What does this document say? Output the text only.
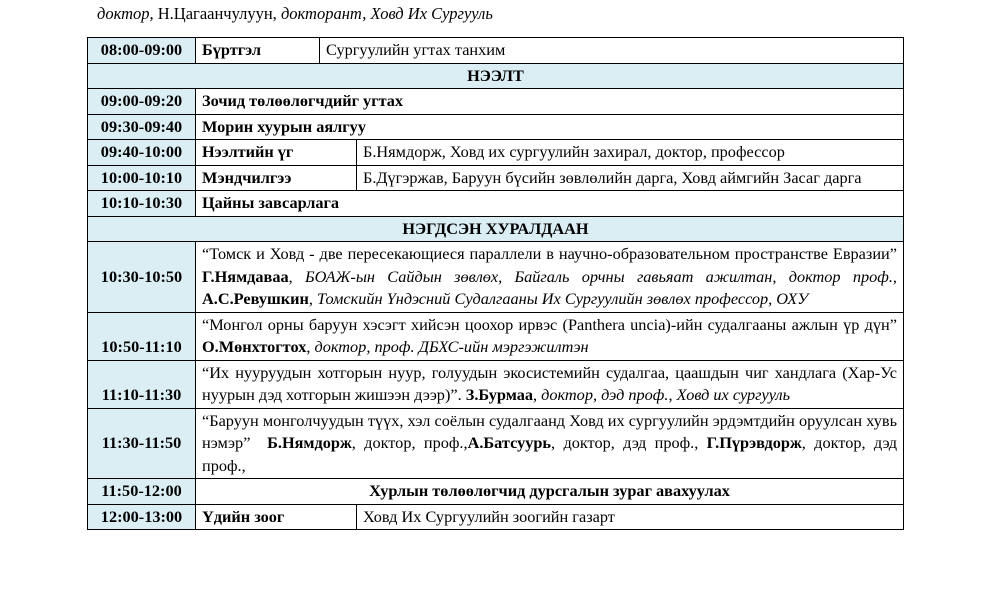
доктор, Н.Цагаанчулуун, докторант, Ховд Их Сургууль
08:00-09:00	Бүртгэл	Сургуулийн угтах танхим	
НЭЭЛТ			
09:00-09:20	Зочид төлөөлөгчдийг угтах		
09:30-09:40	Морин хуурын аялгуу		
09:40-10:00	Нээлтийн үг		Б.Нямдорж, Ховд их сургуулийн захирал, доктор, профессор
10:00-10:10	Мэндчилгээ		Б.Дүгэржав, Баруун бүсийн зөвлөлийн дарга, Ховд аймгийн Засаг дарга
10:10-10:30	Цайны завсарлага		
НЭГДСЭН ХУРАЛДААН			
10:30-10:50	“Томск и Ховд - две пересекающиеся параллели в научно-образовательном пространстве Евразии” Г.Нямдаваа, БОАЖ-ын Сайдын зөвлөх, Байгаль орчны гавьяат ажилтан, доктор проф., А.С.Ревушкин, Томскийн Үндэсний Судалгааны Их Сургуулийн зөвлөх профессор, ОХУ		
10:50-11:10	“Монгол орны баруун хэсэгт хийсэн цоохор ирвэс (Panthera uncia)-ийн судалгааны ажлын үр дүн” О.Мөнхтогтох, доктор, проф. ДБХС-ийн мэргэжилтэн		
11:10-11:30	“Их нууруудын хотгорын нуур, голуудын экосистемийн судалгаа, цаашдын чиг хандлага (Хар-Ус нуурын дэд хотгорын жишээн дээр)”. З.Бурмаа, доктор, дэд проф., Ховд их сургууль		
11:30-11:50	“Баруун монголчуудын түүх, хэл соёлын судалгаанд Ховд их сургуулийн эрдэмтдийн оруулсан хувь нэмэр” Б.Нямдорж, доктор, проф.,А.Батсуурь, доктор, дэд проф., Г.Пүрэвдорж, доктор, дэд проф.,		
11:50-12:00	Хурлын төлөөлөгчид дурсгалын зураг авахуулах		
12:00-13:00	Үдийн зоог		Ховд Их Сургуулийн зоогийн газарт
